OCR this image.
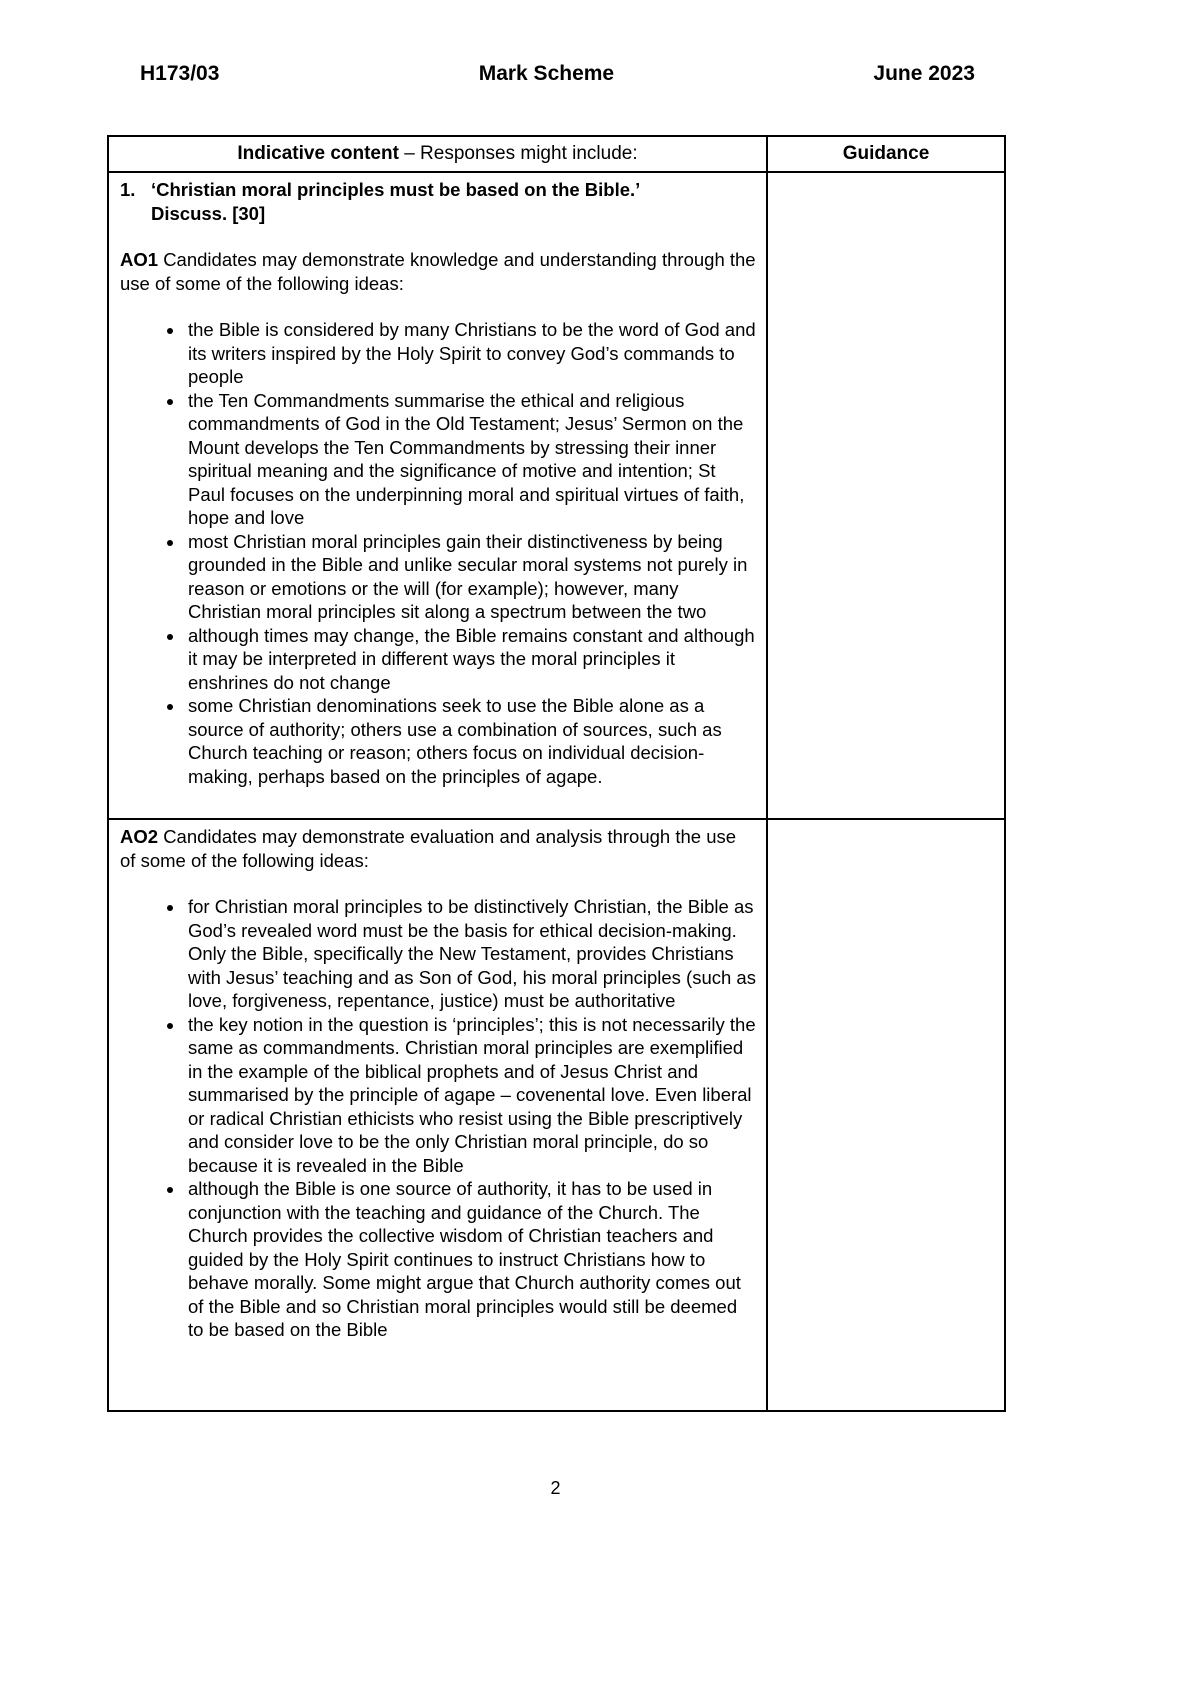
H173/03	Mark Scheme	June 2023
Indicative content – Responses might include:	Guidance

1. ‘Christian moral principles must be based on the Bible.’
Discuss. [30]

AO1 Candidates may demonstrate knowledge and understanding through the use of some of the following ideas:

• the Bible is considered by many Christians to be the word of God and its writers inspired by the Holy Spirit to convey God’s commands to people
• the Ten Commandments summarise the ethical and religious commandments of God in the Old Testament; Jesus’ Sermon on the Mount develops the Ten Commandments by stressing their inner spiritual meaning and the significance of motive and intention; St Paul focuses on the underpinning moral and spiritual virtues of faith, hope and love
• most Christian moral principles gain their distinctiveness by being grounded in the Bible and unlike secular moral systems not purely in reason or emotions or the will (for example); however, many Christian moral principles sit along a spectrum between the two
• although times may change, the Bible remains constant and although it may be interpreted in different ways the moral principles it enshrines do not change
• some Christian denominations seek to use the Bible alone as a source of authority; others use a combination of sources, such as Church teaching or reason; others focus on individual decision-making, perhaps based on the principles of agape.

AO2 Candidates may demonstrate evaluation and analysis through the use of some of the following ideas:

• for Christian moral principles to be distinctively Christian, the Bible as God’s revealed word must be the basis for ethical decision-making. Only the Bible, specifically the New Testament, provides Christians with Jesus’ teaching and as Son of God, his moral principles (such as love, forgiveness, repentance, justice) must be authoritative
• the key notion in the question is ‘principles’; this is not necessarily the same as commandments. Christian moral principles are exemplified in the example of the biblical prophets and of Jesus Christ and summarised by the principle of agape – covenental love. Even liberal or radical Christian ethicists who resist using the Bible prescriptively and consider love to be the only Christian moral principle, do so because it is revealed in the Bible
• although the Bible is one source of authority, it has to be used in conjunction with the teaching and guidance of the Church. The Church provides the collective wisdom of Christian teachers and guided by the Holy Spirit continues to instruct Christians how to behave morally. Some might argue that Church authority comes out of the Bible and so Christian moral principles would still be deemed to be based on the Bible

2
